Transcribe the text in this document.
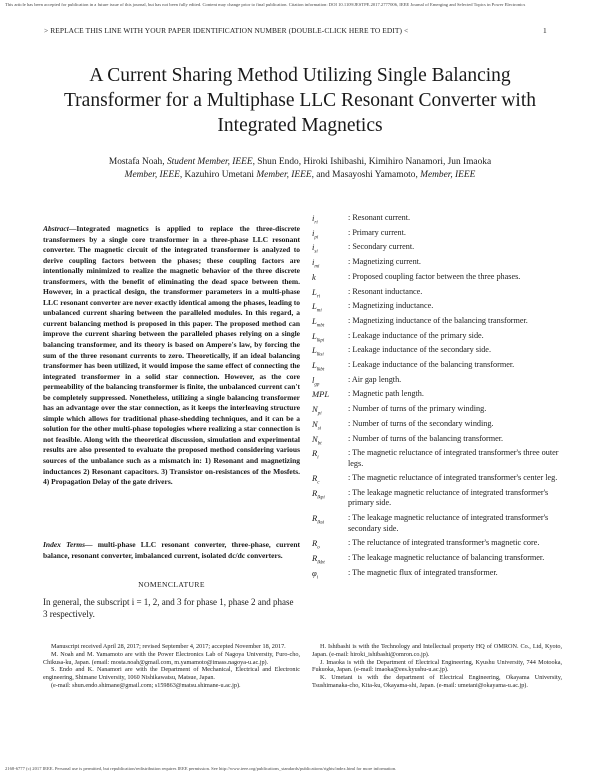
This article has been accepted for publication in a future issue of this journal, but has not been fully edited. Content may change prior to final publication. Citation information: DOI 10.1109/JESTPE.2017.2777006, IEEE Journal of Emerging and Selected Topics in Power Electronics
> REPLACE THIS LINE WITH YOUR PAPER IDENTIFICATION NUMBER (DOUBLE-CLICK HERE TO EDIT) <	1
A Current Sharing Method Utilizing Single Balancing Transformer for a Multiphase LLC Resonant Converter with Integrated Magnetics
Mostafa Noah, Student Member, IEEE, Shun Endo, Hiroki Ishibashi, Kimihiro Nanamori, Jun Imaoka
Member, IEEE, Kazuhiro Umetani Member, IEEE, and Masayoshi Yamamoto, Member, IEEE
Abstract—Integrated magnetics is applied to replace the three-discrete transformers by a single core transformer in a three-phase LLC resonant converter. The magnetic circuit of the integrated transformer is analyzed to derive coupling factors between the phases; these coupling factors are intentionally minimized to realize the magnetic behavior of the three discrete transformers, with the benefit of eliminating the dead space between them. However, in a practical design, the transformer parameters in a multi-phase LLC resonant converter are never exactly identical among the phases, leading to unbalanced current sharing between the paralleled modules. In this regard, a current balancing method is proposed in this paper. The proposed method can improve the current sharing between the paralleled phases relying on a single balancing transformer, and its theory is based on Ampere's law, by forcing the sum of the three resonant currents to zero. Theoretically, if an ideal balancing transformer has been utilized, it would impose the same effect of connecting the integrated transformer in a solid star connection. However, as the core permeability of the balancing transformer is finite, the unbalanced current can't be completely suppressed. Nonetheless, utilizing a single balancing transformer has an advantage over the star connection, as it keeps the interleaving structure simple which allows for traditional phase-shedding techniques, and it can be a solution for the other multi-phase topologies where realizing a star connection is not feasible. Along with the theoretical discussion, simulation and experimental results are also presented to evaluate the proposed method considering various sources of the unbalance such as a mismatch in: 1) Resonant and magnetizing inductances 2) Resonant capacitors. 3) Transistor on-resistances of the Mosfets. 4) Propagation Delay of the gate drivers.
Index Terms— multi-phase LLC resonant converter, three-phase, current balance, resonant converter, imbalanced current, isolated dc/dc converters.
NOMENCLATURE
In general, the subscript i = 1, 2, and 3 for phase 1, phase 2 and phase 3 respectively.
$i_{ri}$
: Resonant current.
$i_{pi}$
: Primary current.
$i_{si}$
: Secondary current.
$i_{mi}$
: Magnetizing current.
k	: Proposed coupling factor between the three phases.
$L_{ri}$
: Resonant inductance.
$L_{mi}$
: Magnetizing inductance.
$L_{mbt}$
: Magnetizing inductance of the balancing transformer.
$L_{lkpi}$
: Leakage inductance of the primary side.
$L_{lksi}$
: Leakage inductance of the secondary side.
$L_{lkbt}$
: Leakage inductance of the balancing transformer.
$l_{gp}$
: Air gap length.
MPL : Magnetic path length.
$N_{pi}$
: Number of turns of the primary winding.
$N_{si}$
: Number of turns of the secondary winding.
$N_{bt}$
: Number of turns of the balancing transformer.
$R_i$
: The magnetic reluctance of integrated transformer's three outer legs.
$R_c$
: The magnetic reluctance of integrated transformer's center leg.
$R_{lkpi}$
: The leakage magnetic reluctance of integrated transformer's primary side.
$R_{lksi}$
: The leakage magnetic reluctance of integrated transformer's secondary side.
$R_o$
: The reluctance of integrated transformer's magnetic core.
$R_{lkbt}$
: The leakage magnetic reluctance of balancing transformer.
$\varphi_i$
: The magnetic flux of integrated transformer.

Manuscript received April 28, 2017; revised September 4, 2017; accepted November 18, 2017.

M. Noah and M. Yamamoto are with the Power Electronics Lab of Nagoya University, Furo-cho, Chikusa-ku, Japan. (email: mosta.noah@gmail.com, m.yamamoto@imass.nagoya-u.ac.jp).

S. Endo and K. Nanamori are with the Department of Mechanical, Electrical and Electronic engineering, Shimane University, 1060 Nishikawatsu, Matsue, Japan.

(e-mail: shun.endo.shimane@gmail.com; s159863@matsu.shimane-u.ac.jp).

H. Ishibashi is with the Technology and Intellectual property HQ of OMRON. Co., Ltd, Kyoto, Japan. (e-mail: hiroki_ishibashi@omron.co.jp).

J. Imaoka is with the Department of Electrical Engineering, Kyushu University, 744 Motooka, Fukuoka, Japan. (e-mail: imaoka@ees.kyushu-u.ac.jp).

K. Umetani is with the department of Electrical Engineering, Okayama University, Tsushimanaka-cho, Kita-ku, Okayama-shi, Japan. (e-mail: umetani@okayama-u.ac.jp).

2168-6777 (c) 2017 IEEE. Personal use is permitted, but republication/redistribution requires IEEE permission. See http://www.ieee.org/publications_standards/publications/rights/index.html for more information.
